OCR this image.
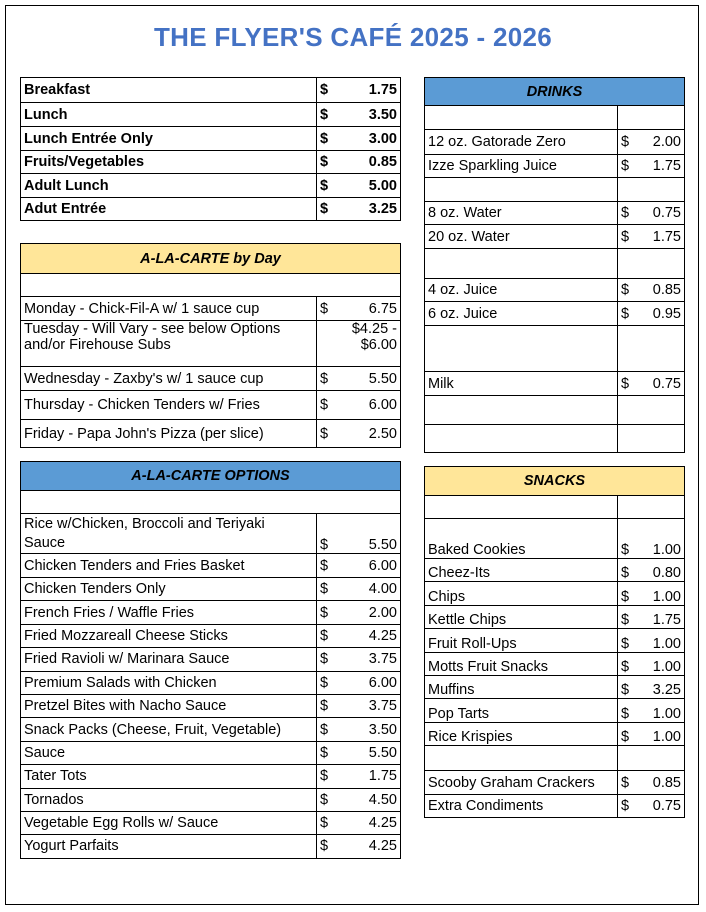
THE FLYER'S CAFÉ 2025 - 2026
Breakfast	$	1.75
Lunch	$	3.50
Lunch Entrée Only	$	3.00
Fruits/Vegetables	$	0.85
Adult Lunch	$	5.00
Adut Entrée	$	3.25

A-LA-CARTE by Day		

Monday - Chick-Fil-A w/ 1 sauce cup	$	6.75
Tuesday - Will Vary - see below Options
and/or Firehouse Subs	$4.25 -
$6.00	
Wednesday - Zaxby's w/ 1 sauce cup	$	5.50
Thursday - Chicken Tenders w/ Fries	$	6.00
Friday - Papa John's Pizza (per slice)	$	2.50

A-LA-CARTE OPTIONS		

Rice w/Chicken, Broccoli and Teriyaki
Sauce	$	5.50
Chicken Tenders and Fries Basket	$	6.00
Chicken Tenders Only	$	4.00
French Fries / Waffle Fries	$	2.00
Fried Mozzareall Cheese Sticks	$	4.25
Fried Ravioli w/ Marinara Sauce	$	3.75
Premium Salads with Chicken	$	6.00
Pretzel Bites with Nacho Sauce	$	3.75
Snack Packs (Cheese, Fruit, Vegetable)	$	3.50
Sauce	$	5.50
Tater Tots	$	1.75
Tornados	$	4.50
Vegetable Egg Rolls w/ Sauce	$	4.25
Yogurt Parfaits	$	4.25
DRINKS	

12 oz. Gatorade Zero	$ 2.00

Izze Sparkling Juice	$ 1.75

8 oz. Water	$ 0.75

20 oz. Water	$ 1.75

4 oz. Juice	$ 0.85

6 oz. Juice	$ 0.95

Milk	$ 0.75

SNACKS	

Baked Cookies	$ 1.00

Cheez-Its	$ 0.80

Chips	$ 1.00

Kettle Chips	$ 1.75

Fruit Roll-Ups	$ 1.00

Motts Fruit Snacks	$ 1.00

Muffins	$ 3.25

Pop Tarts	$ 1.00

Rice Krispies	$ 1.00

Scooby Graham Crackers	$ 0.85

Extra Condiments	$ 0.75
